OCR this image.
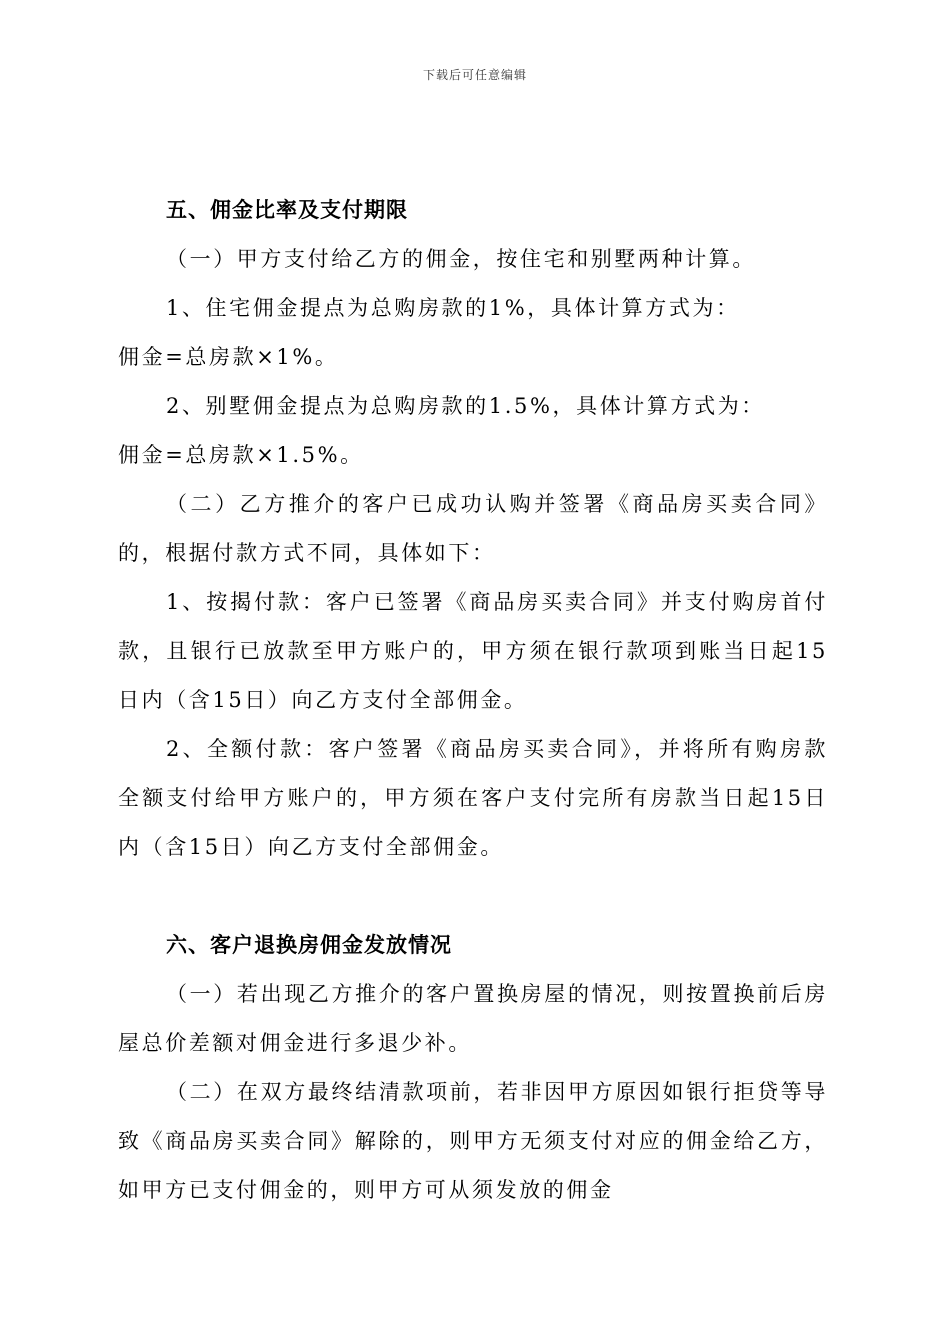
下载后可任意编辑
五、佣金比率及支付期限

（一）甲方支付给乙方的佣金，按住宅和别墅两种计算。

1、住宅佣金提点为总购房款的1%，具体计算方式为：

佣金=总房款×1%。

2、别墅佣金提点为总购房款的1.5%，具体计算方式为：

佣金=总房款×1.5%。

（二）乙方推介的客户已成功认购并签署《商品房买卖合同》的，根据付款方式不同，具体如下：

1、按揭付款：客户已签署《商品房买卖合同》并支付购房首付款，且银行已放款至甲方账户的，甲方须在银行款项到账当日起15日内（含15日）向乙方支付全部佣金。

2、全额付款：客户签署《商品房买卖合同》，并将所有购房款全额支付给甲方账户的，甲方须在客户支付完所有房款当日起15日内（含15日）向乙方支付全部佣金。

六、客户退换房佣金发放情况

（一）若出现乙方推介的客户置换房屋的情况，则按置换前后房屋总价差额对佣金进行多退少补。

（二）在双方最终结清款项前，若非因甲方原因如银行拒贷等导致《商品房买卖合同》解除的，则甲方无须支付对应的佣金给乙方，如甲方已支付佣金的，则甲方可从须发放的佣金
